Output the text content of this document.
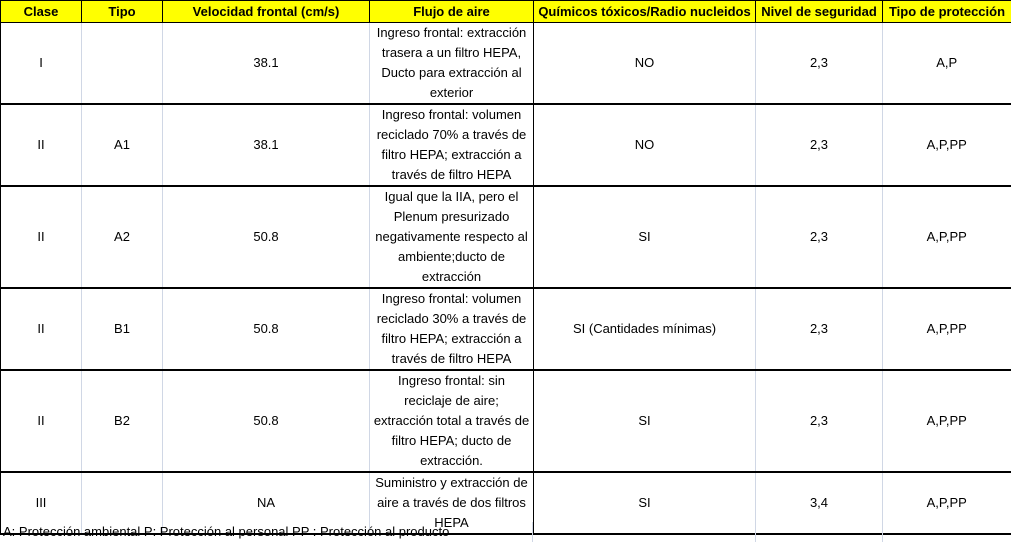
Clase	Tipo	Velocidad frontal (cm/s)	Flujo de aire	Químicos tóxicos/Radio nucleidos	Nivel de seguridad	Tipo de protección
I		38.1	Ingreso frontal: extracción trasera a un filtro HEPA, Ducto para extracción al exterior	NO	2,3	A,P
II	A1	38.1	Ingreso frontal: volumen reciclado 70% a través de filtro HEPA; extracción a través de filtro HEPA	NO	2,3	A,P,PP
II	A2	50.8	Igual que la IIA, pero el Plenum presurizado negativamente respecto al ambiente;ducto de extracción	SI	2,3	A,P,PP
II	B1	50.8	Ingreso frontal: volumen reciclado 30% a través de filtro HEPA; extracción a través de filtro HEPA	SI (Cantidades mínimas)	2,3	A,P,PP
II	B2	50.8	Ingreso frontal: sin reciclaje de aire; extracción total a través de filtro HEPA; ducto de extracción.	SI	2,3	A,P,PP
III		NA	Suministro y extracción de aire a través de dos filtros HEPA	SI	3,4	A,P,PP
A: Protección ambiental P: Protección al personal PP : Protección al producto
